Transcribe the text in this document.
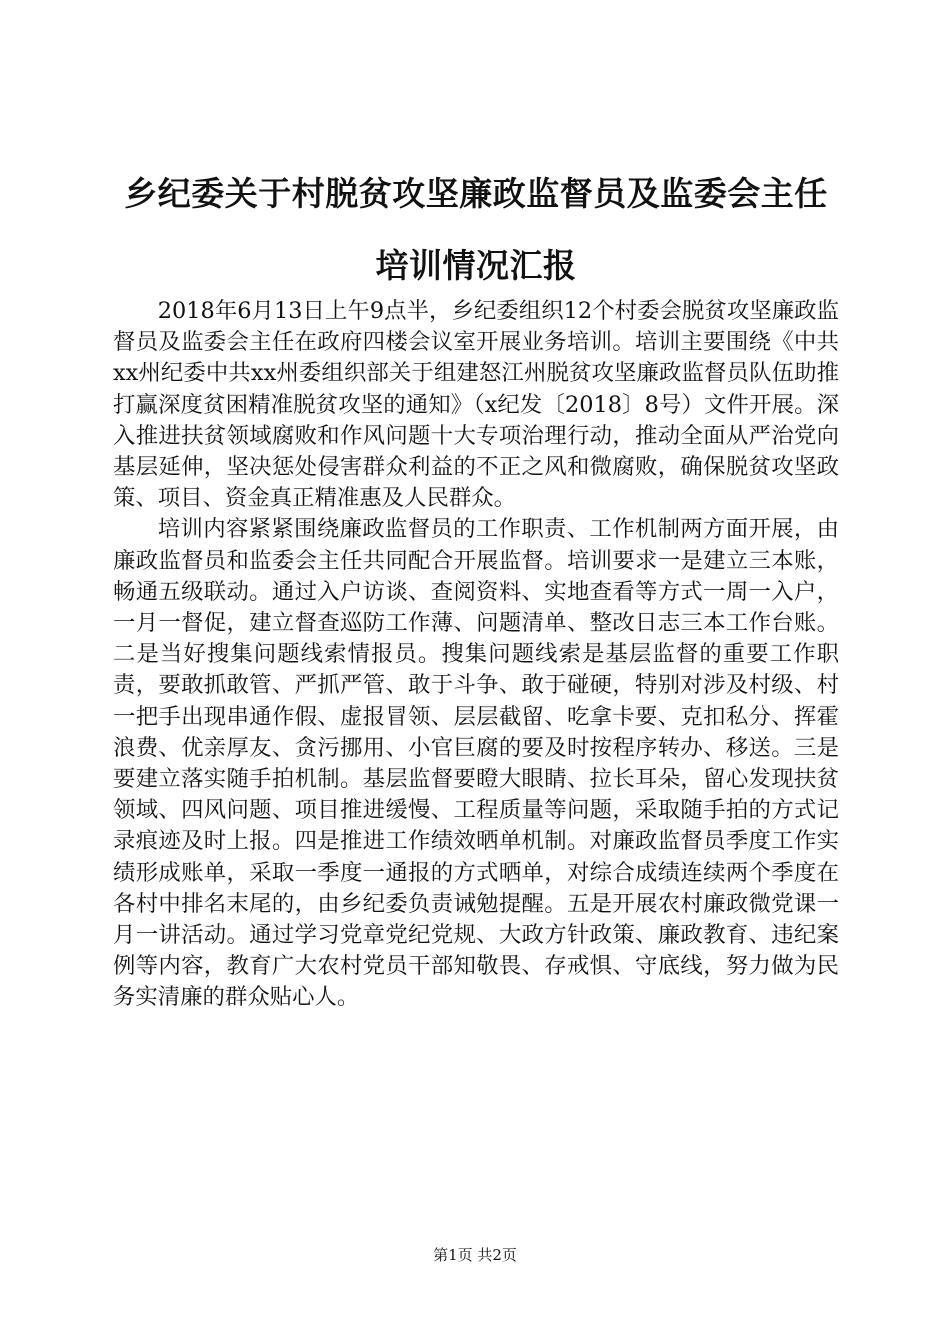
乡纪委关于村脱贫攻坚廉政监督员及监委会主任培训情况汇报

2018年6月13日上午9点半，乡纪委组织12个村委会脱贫攻坚廉政监督员及监委会主任在政府四楼会议室开展业务培训。培训主要围绕《中共xx州纪委中共xx州委组织部关于组建怒江州脱贫攻坚廉政监督员队伍助推打赢深度贫困精准脱贫攻坚的通知》（x纪发〔2018〕8号）文件开展。深入推进扶贫领域腐败和作风问题十大专项治理行动，推动全面从严治党向基层延伸，坚决惩处侵害群众利益的不正之风和微腐败，确保脱贫攻坚政策、项目、资金真正精准惠及人民群众。

培训内容紧紧围绕廉政监督员的工作职责、工作机制两方面开展，由廉政监督员和监委会主任共同配合开展监督。培训要求一是建立三本账，畅通五级联动。通过入户访谈、查阅资料、实地查看等方式一周一入户，一月一督促，建立督查巡防工作薄、问题清单、整改日志三本工作台账。二是当好搜集问题线索情报员。搜集问题线索是基层监督的重要工作职责，要敢抓敢管、严抓严管、敢于斗争、敢于碰硬，特别对涉及村级、村一把手出现串通作假、虚报冒领、层层截留、吃拿卡要、克扣私分、挥霍浪费、优亲厚友、贪污挪用、小官巨腐的要及时按程序转办、移送。三是要建立落实随手拍机制。基层监督要瞪大眼睛、拉长耳朵，留心发现扶贫领域、四风问题、项目推进缓慢、工程质量等问题，采取随手拍的方式记录痕迹及时上报。四是推进工作绩效晒单机制。对廉政监督员季度工作实绩形成账单，采取一季度一通报的方式晒单，对综合成绩连续两个季度在各村中排名末尾的，由乡纪委负责诫勉提醒。五是开展农村廉政微党课一月一讲活动。通过学习党章党纪党规、大政方针政策、廉政教育、违纪案例等内容，教育广大农村党员干部知敬畏、存戒惧、守底线，努力做为民务实清廉的群众贴心人。

第1页 共2页
